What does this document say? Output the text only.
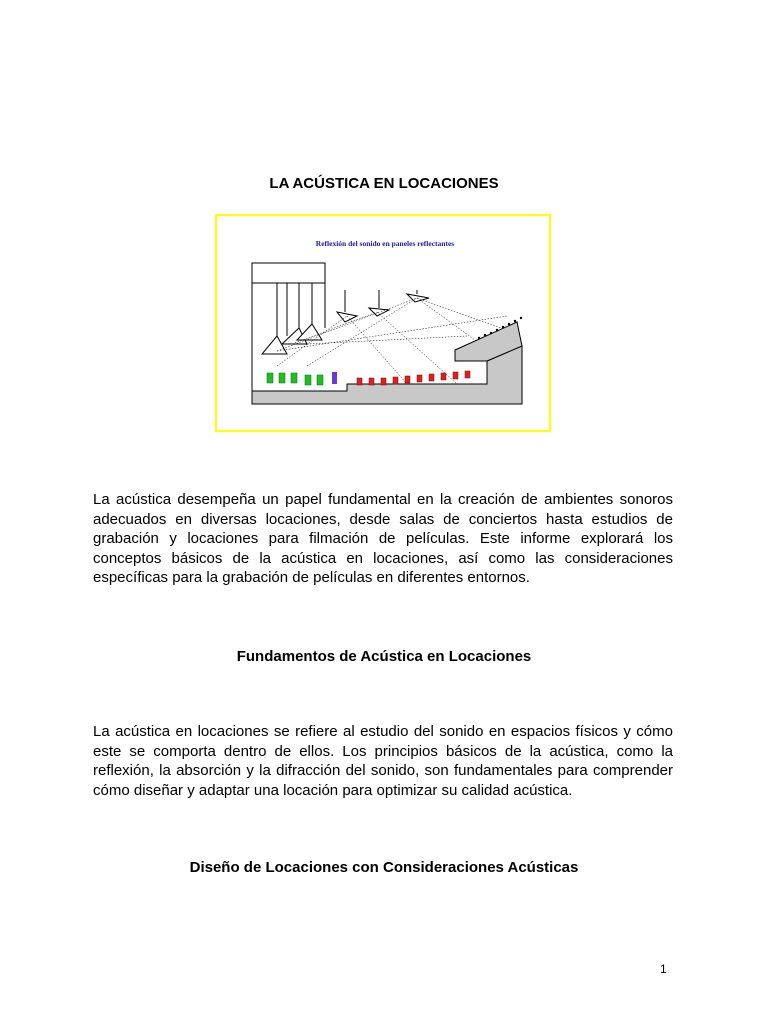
LA ACÚSTICA EN LOCACIONES
Reflexión del sonido en paneles reflectantes
La acústica desempeña un papel fundamental en la creación de ambientes sonoros adecuados en diversas locaciones, desde salas de conciertos hasta estudios de grabación y locaciones para filmación de películas. Este informe explorará los conceptos básicos de la acústica en locaciones, así como las consideraciones específicas para la grabación de películas en diferentes entornos.
Fundamentos de Acústica en Locaciones
La acústica en locaciones se refiere al estudio del sonido en espacios físicos y cómo este se comporta dentro de ellos. Los principios básicos de la acústica, como la reflexión, la absorción y la difracción del sonido, son fundamentales para comprender cómo diseñar y adaptar una locación para optimizar su calidad acústica.
Diseño de Locaciones con Consideraciones Acústicas
1
